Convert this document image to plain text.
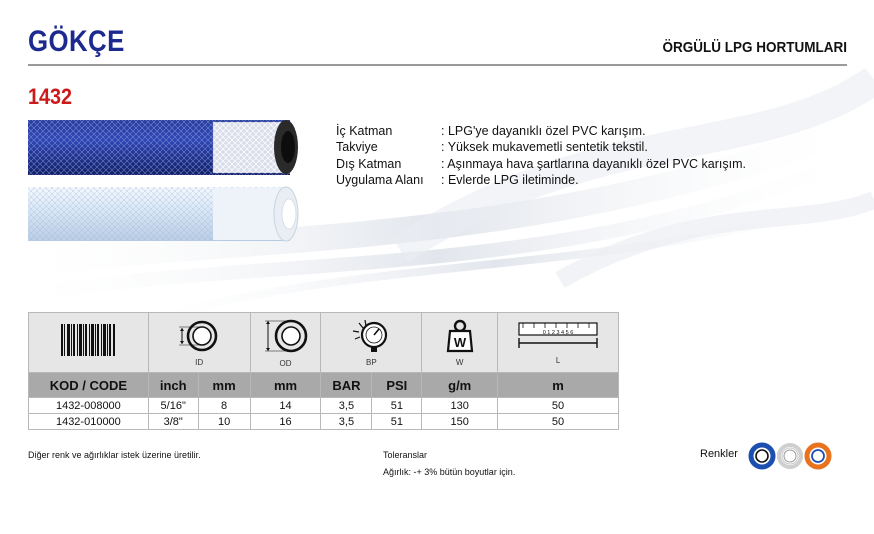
GÖKÇE	ÖRGÜLÜ LPG HORTUMLARI
1432
İç Katman	: LPG'ye dayanıklı özel PVC karışım.
Takviye	: Yüksek mukavemetli sentetik tekstil.
Dış Katman	: Aşınmaya hava şartlarına dayanıklı özel PVC karışım.
Uygulama Alanı	: Evlerde LPG iletiminde.

ID		OD	BP		W
W	0 1 2 3 4 5 6
L

KOD / CODE	inch	mm	mm	BAR	PSI	g/m	m
1432-008000	5/16"	8	14	3,5	51	130	50
1432-010000	3/8"	10	16	3,5	51	150	50
Diğer renk ve ağırlıklar istek üzerine üretilir.	Toleranslar
Ağırlık: -+ 3% bütün boyutlar için.
Renkler
